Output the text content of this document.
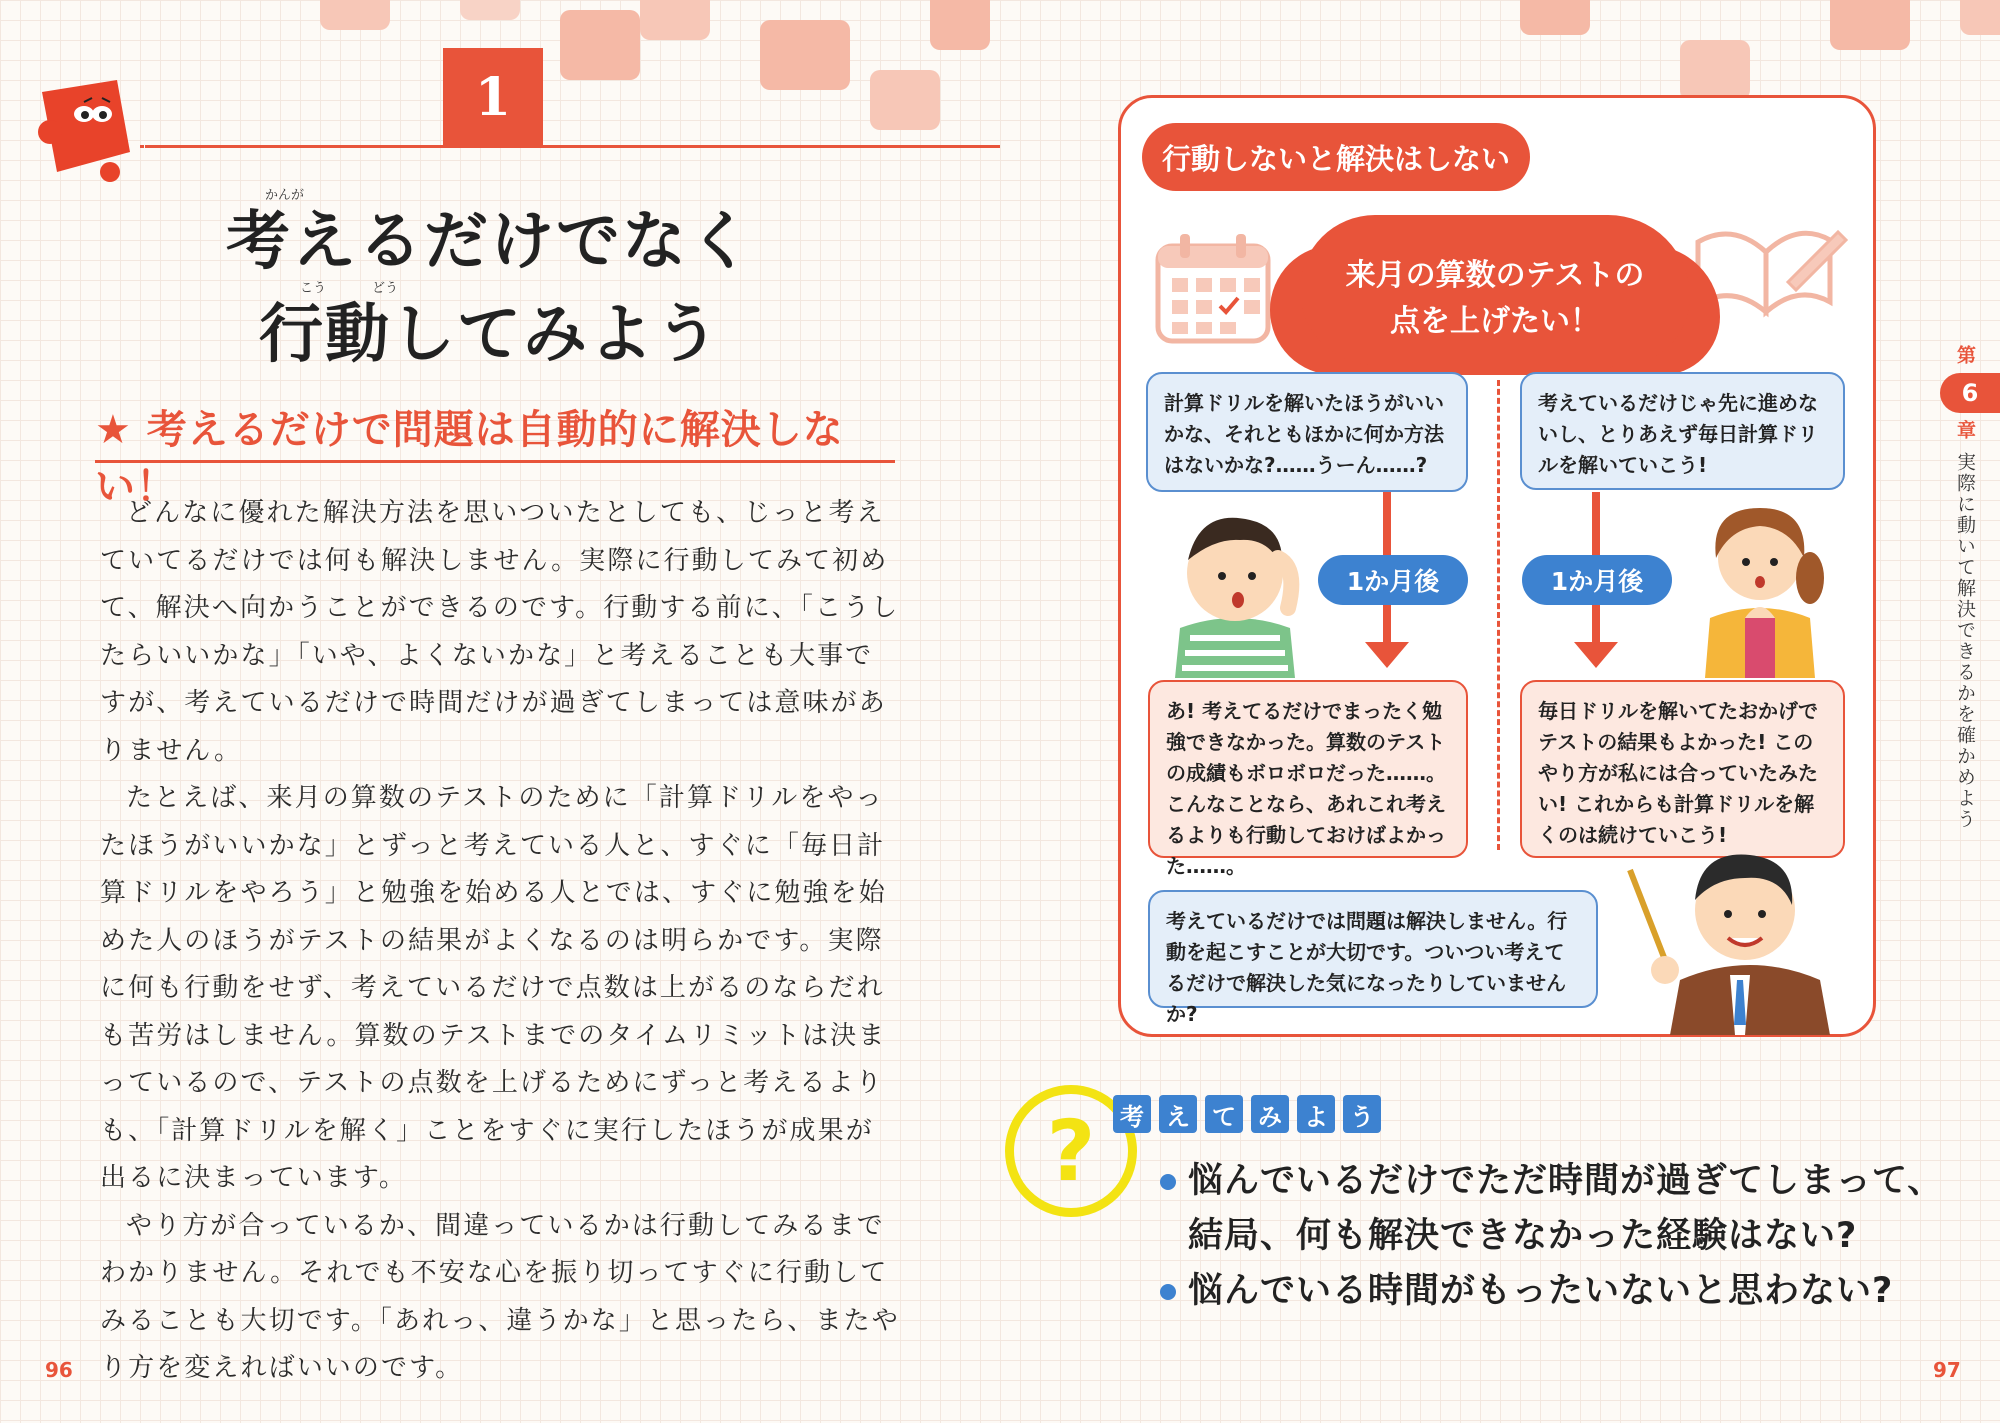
1
かんが
考えるだけでなく
こう	どう
行動してみよう
★ 考えるだけで問題は自動的に解決しない！

どんなに優れた解決方法を思いついたとしても、じっと考えていてるだけでは何も解決しません。実際に行動してみて初めて、解決へ向かうことができるのです。行動する前に、「こうしたらいいかな」「いや、よくないかな」と考えることも大事ですが、考えているだけで時間だけが過ぎてしまっては意味がありません。

たとえば、来月の算数のテストのために「計算ドリルをやったほうがいいかな」とずっと考えている人と、すぐに「毎日計算ドリルをやろう」と勉強を始める人とでは、すぐに勉強を始めた人のほうがテストの結果がよくなるのは明らかです。実際に何も行動をせず、考えているだけで点数は上がるのならだれも苦労はしません。算数のテストまでのタイムリミットは決まっているので、テストの点数を上げるためにずっと考えるよりも、「計算ドリルを解く」ことをすぐに実行したほうが成果が出るに決まっています。

やり方が合っているか、間違っているかは行動してみるまでわかりません。それでも不安な心を振り切ってすぐに行動してみることも大切です。「あれっ、違うかな」と思ったら、またやり方を変えればいいのです。

96
行動しないと解決はしない
来月の算数のテストの
点を上げたい！
計算ドリルを解いたほうがいいかな、それともほかに何か方法はないかな?……うーん……?
考えているだけじゃ先に進めないし、とりあえず毎日計算ドリルを解いていこう!
1か月後	1か月後
あ! 考えてるだけでまったく勉強できなかった。算数のテストの成績もボロボロだった……。こんなことなら、あれこれ考えるよりも行動しておけばよかった……。
毎日ドリルを解いてたおかげでテストの結果もよかった! このやり方が私には合っていたみたい! これからも計算ドリルを解くのは続けていこう!
考えているだけでは問題は解決しません。行動を起こすことが大切です。ついつい考えてるだけで解決した気になったりしていませんか?
第
6
章
実際に動いて解決できるかを確かめよう
? 考 え て み よ う
悩んでいるだけでただ時間が過ぎてしまって、
結局、何も解決できなかった経験はない?
悩んでいる時間がもったいないと思わない?
97
